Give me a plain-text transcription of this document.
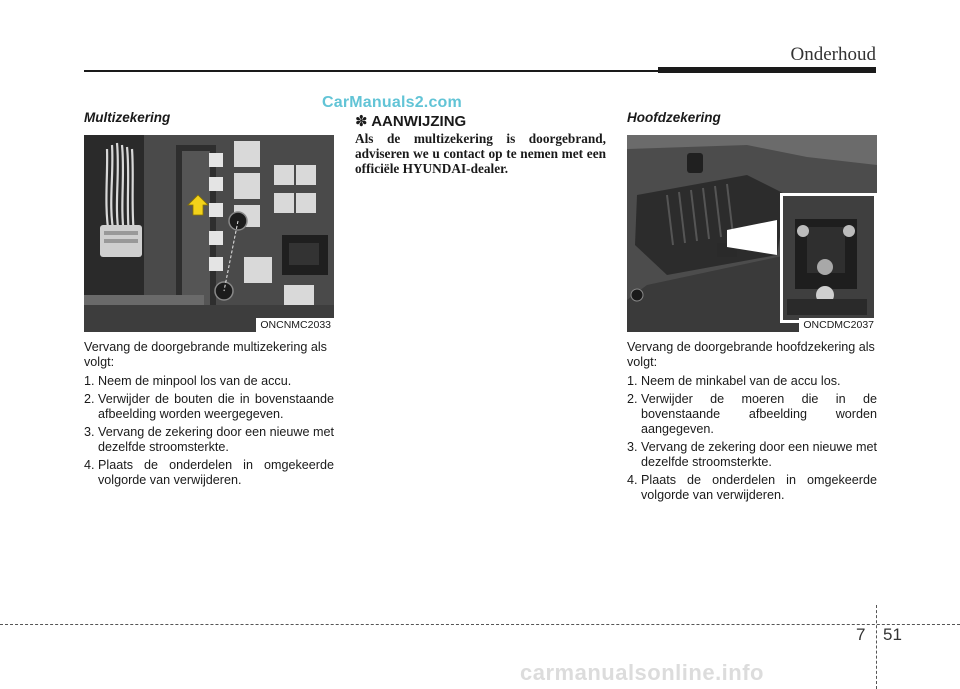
Onderhoud
CarManuals2.com
Multizekering
ONCNMC2033

Vervang de doorgebrande multizekering als volgt:

1. Neem de minpool los van de accu.
2. Verwijder de bouten die in bovenstaande afbeelding worden weergegeven.
3. Vervang de zekering door een nieuwe met dezelfde stroomsterkte.
4. Plaats de onderdelen in omgekeerde volgorde van verwijderen.
✽ AANWIJZING
Als de multizekering is doorgebrand, adviseren we u contact op te nemen met een officiële HYUNDAI-dealer.
Hoofdzekering
ONCDMC2037

Vervang de doorgebrande hoofdzekering als volgt:

1. Neem de minkabel van de accu los.
2. Verwijder de moeren die in de bovenstaande afbeelding worden aangegeven.
3. Vervang de zekering door een nieuwe met dezelfde stroomsterkte.
4. Plaats de onderdelen in omgekeerde volgorde van verwijderen.
7 51
carmanualsonline.info
